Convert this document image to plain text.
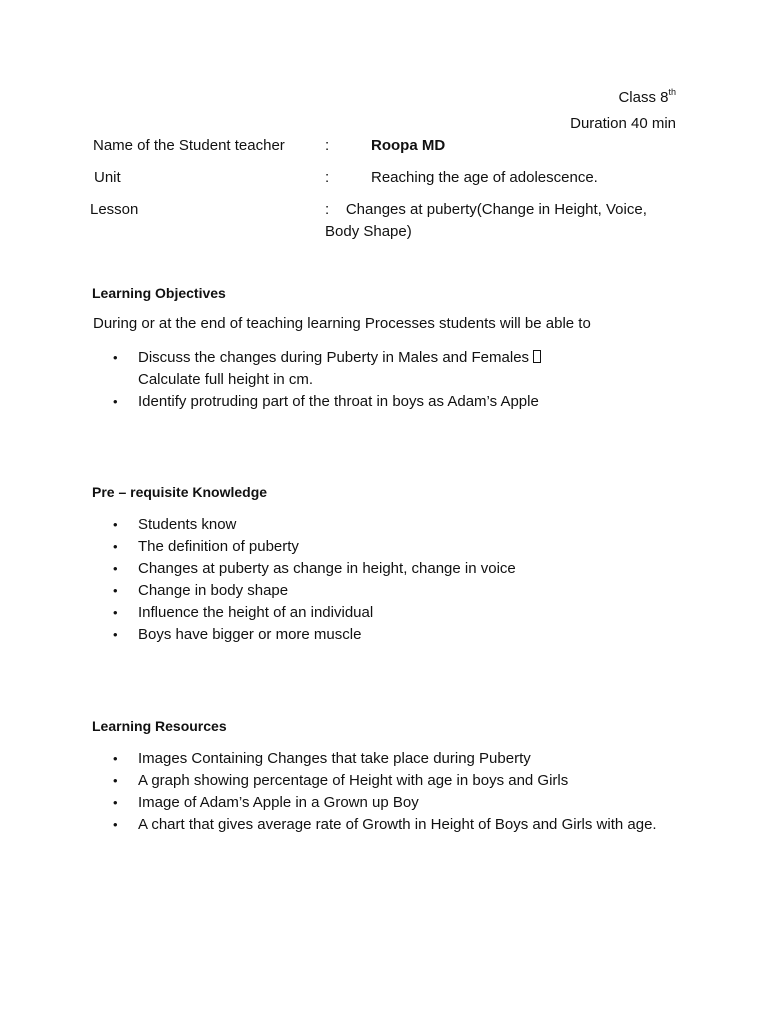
Class 8th
Duration 40 min
Name of the Student teacher	:	Roopa MD
Unit	:	Reaching the age of adolescence.
Lesson	:    Changes at puberty(Change in Height, Voice,
Body Shape)
Learning Objectives
During or at the end of teaching learning Processes students will be able to
• Discuss the changes during Puberty in Males and Females
Calculate full height in cm.
• Identify protruding part of the throat in boys as Adam’s Apple
Pre – requisite Knowledge
• Students know
• The definition of puberty
• Changes at puberty as change in height, change in voice
• Change in body shape
• Influence the height of an individual
• Boys have bigger or more muscle
Learning Resources
• Images Containing Changes that take place during Puberty
• A graph showing percentage of Height with age in boys and Girls
• Image of Adam’s Apple in a Grown up Boy
• A chart that gives average rate of Growth in Height of Boys and Girls with age.
